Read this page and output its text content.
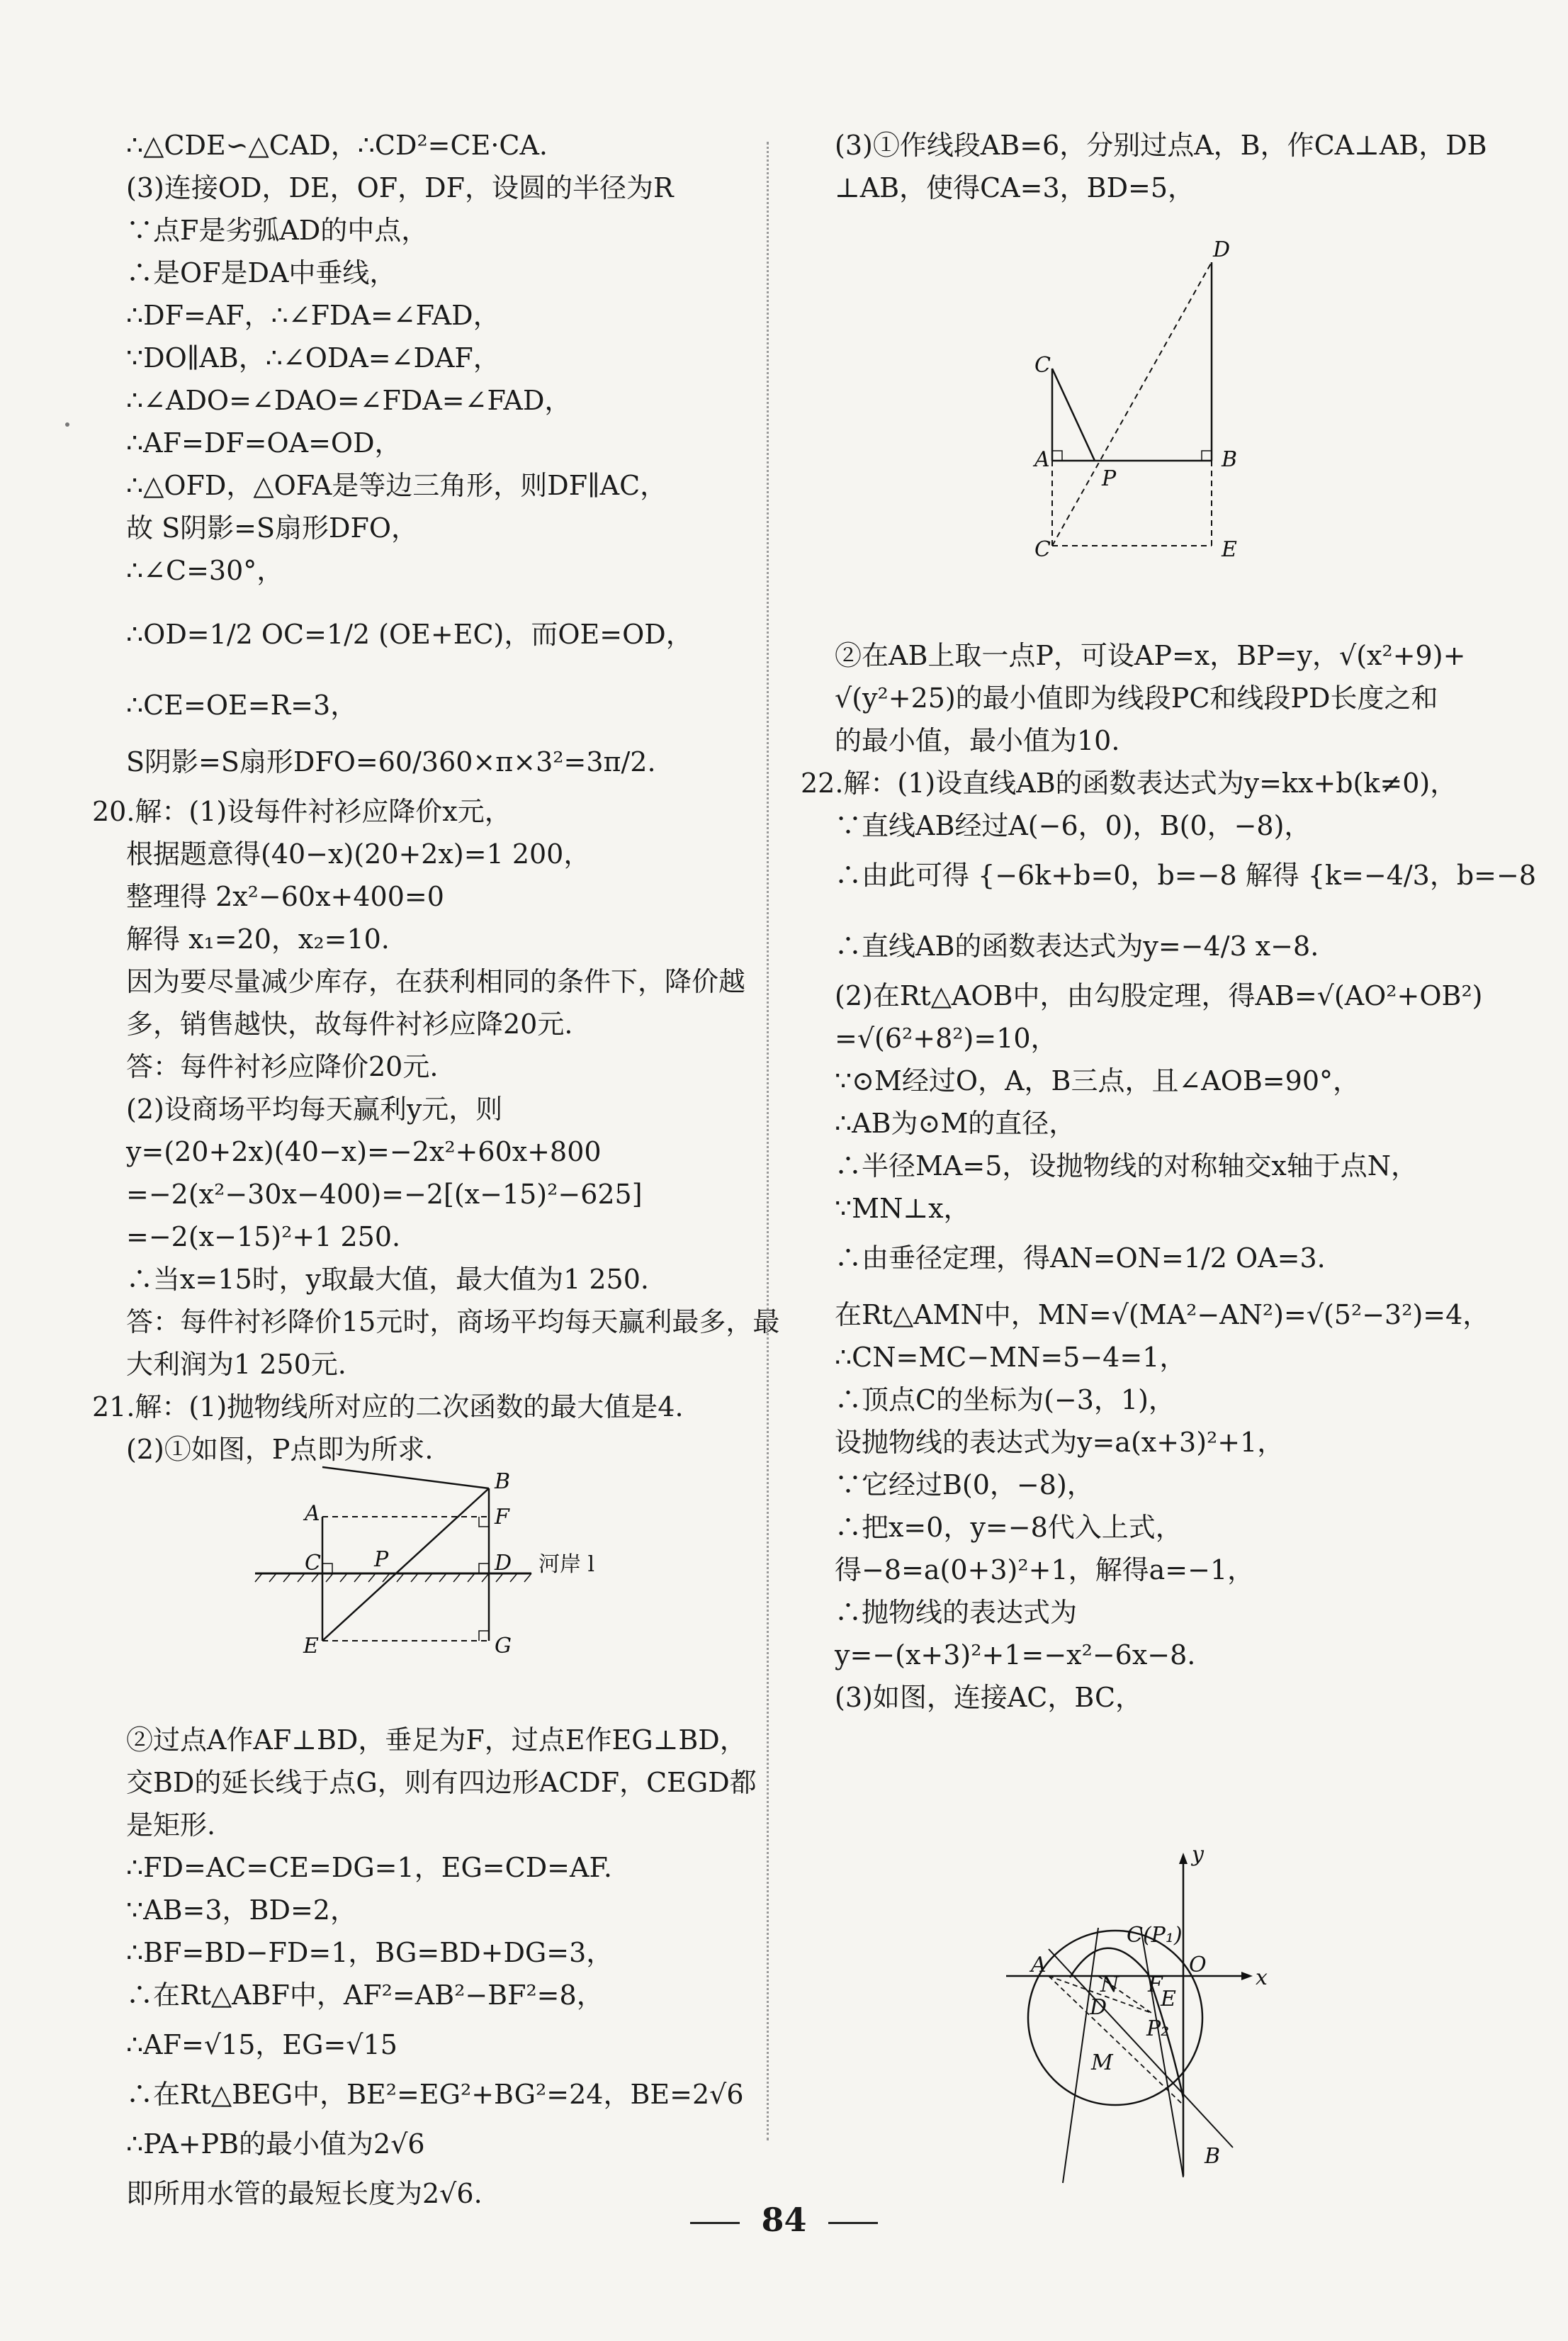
∴△CDE∽△CAD，∴CD²=CE·CA.
(3)连接OD，DE，OF，DF，设圆的半径为R
∵点F是劣弧AD的中点，
∴是OF是DA中垂线，
∴DF=AF，∴∠FDA=∠FAD，
∵DO∥AB，∴∠ODA=∠DAF，
∴∠ADO=∠DAO=∠FDA=∠FAD，
∴AF=DF=OA=OD，
∴△OFD，△OFA是等边三角形，则DF∥AC，
故 S阴影=S扇形DFO，
∴∠C=30°，
∴OD=1/2 OC=1/2 (OE+EC)，而OE=OD，
∴CE=OE=R=3，
S阴影=S扇形DFO=60/360×π×3²=3π/2.
20.解：(1)设每件衬衫应降价x元，
根据题意得(40−x)(20+2x)=1 200，
整理得 2x²−60x+400=0
解得 x₁=20，x₂=10.
因为要尽量减少库存，在获利相同的条件下，降价越
多，销售越快，故每件衬衫应降20元.
答：每件衬衫应降价20元.
(2)设商场平均每天赢利y元，则
y=(20+2x)(40−x)=−2x²+60x+800
=−2(x²−30x−400)=−2[(x−15)²−625]
=−2(x−15)²+1 250.
∴当x=15时，y取最大值，最大值为1 250.
答：每件衬衫降价15元时，商场平均每天赢利最多，最
大利润为1 250元.
21.解：(1)抛物线所对应的二次函数的最大值是4.
(2)①如图，P点即为所求.
②过点A作AF⊥BD，垂足为F，过点E作EG⊥BD，
交BD的延长线于点G，则有四边形ACDF，CEGD都
是矩形.
∴FD=AC=CE=DG=1，EG=CD=AF.
∵AB=3，BD=2，
∴BF=BD−FD=1，BG=BD+DG=3，
∴在Rt△ABF中，AF²=AB²−BF²=8，
∴AF=√15，EG=√15
∴在Rt△BEG中，BE²=EG²+BG²=24，BE=2√6
∴PA+PB的最小值为2√6
即所用水管的最短长度为2√6.
(3)①作线段AB=6，分别过点A，B，作CA⊥AB，DB
⊥AB，使得CA=3，BD=5，
②在AB上取一点P，可设AP=x，BP=y，√(x²+9)+
√(y²+25)的最小值即为线段PC和线段PD长度之和
的最小值，最小值为10.
22.解：(1)设直线AB的函数表达式为y=kx+b(k≠0)，
∵直线AB经过A(−6，0)，B(0，−8)，
∴由此可得 {−6k+b=0，b=−8 解得 {k=−4/3，b=−8
∴直线AB的函数表达式为y=−4/3 x−8.
(2)在Rt△AOB中，由勾股定理，得AB=√(AO²+OB²)
=√(6²+8²)=10，
∵⊙M经过O，A，B三点，且∠AOB=90°，
∴AB为⊙M的直径，
∴半径MA=5，设抛物线的对称轴交x轴于点N，
∵MN⊥x，
∴由垂径定理，得AN=ON=1/2 OA=3.
在Rt△AMN中，MN=√(MA²−AN²)=√(5²−3²)=4，
∴CN=MC−MN=5−4=1，
∴顶点C的坐标为(−3，1)，
设抛物线的表达式为y=a(x+3)²+1，
∵它经过B(0，−8)，
∴把x=0，y=−8代入上式，
得−8=a(0+3)²+1，解得a=−1，
∴抛物线的表达式为
y=−(x+3)²+1=−x²−6x−8.
(3)如图，连接AC，BC，
A
B
C	D
E
F
G
P	河岸 l
A	B
C
C
D
E
P
A
B
C(P₁)
D	E
F
M
N
O
P₂
x
y
84
